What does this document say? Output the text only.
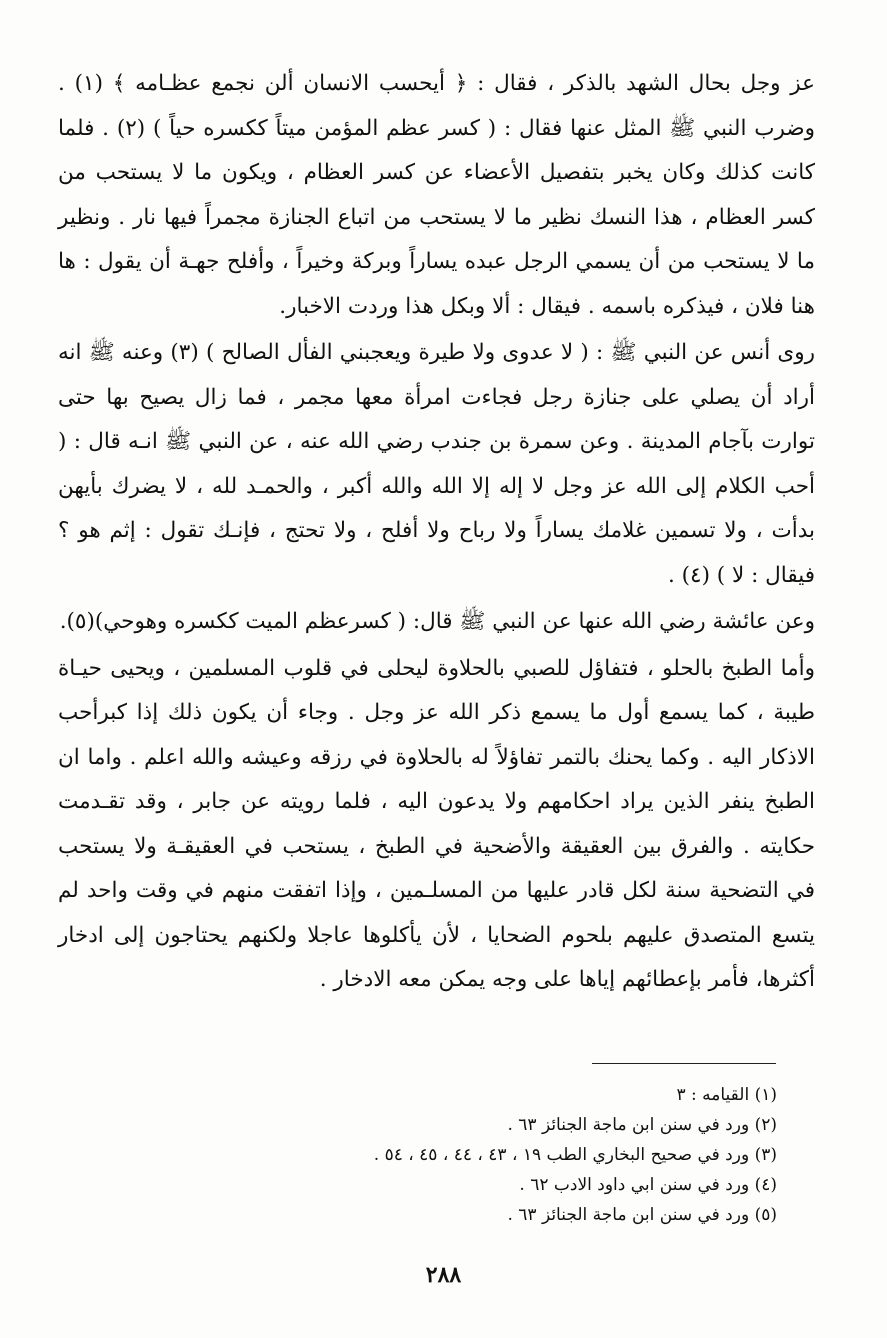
عز وجل بحال الشهد بالذكر ، فقال : ﴿ أيحسب الانسان ألن نجمع عظـامه ﴾ (١) . وضرب النبي ﷺ المثل عنها فقال : ( كسر عظم المؤمن ميتاً ككسره حياً ) (٢) . فلما كانت كذلك وكان يخبر بتفصيل الأعضاء عن كسر العظام ، ويكون ما لا يستحب من كسر العظام ، هذا النسك نظير ما لا يستحب من اتباع الجنازة مجمراً فيها نار . ونظير ما لا يستحب من أن يسمي الرجل عبده يساراً وبركة وخيراً ، وأفلح جهـة أن يقول : ها هنا فلان ، فيذكره باسمه . فيقال : ألا وبكل هذا وردت الاخبار.

روى أنس عن النبي ﷺ : ( لا عدوى ولا طيرة ويعجبني الفأل الصالح ) (٣) وعنه ﷺ انه أراد أن يصلي على جنازة رجل فجاءت امرأة معها مجمر ، فما زال يصيح بها حتى توارت بآجام المدينة . وعن سمرة بن جندب رضي الله عنه ، عن النبي ﷺ انـه قال : ( أحب الكلام إلى الله عز وجل لا إله إلا الله والله أكبر ، والحمـد لله ، لا يضرك بأيهن بدأت ، ولا تسمين غلامك يساراً ولا رباح ولا أفلح ، ولا تحتج ، فإنـك تقول : إثم هو ؟ فيقال : لا ) (٤) .

وعن عائشة رضي الله عنها عن النبي ﷺ قال: ( كسرعظم الميت ككسره وهوحي)(٥).

وأما الطبخ بالحلو ، فتفاؤل للصبي بالحلاوة ليحلى في قلوب المسلمين ، ويحيى حيـاة طيبة ، كما يسمع أول ما يسمع ذكر الله عز وجل . وجاء أن يكون ذلك إذا كبرأحب الاذكار اليه . وكما يحنك بالتمر تفاؤلاً له بالحلاوة في رزقه وعيشه والله اعلم . واما ان الطبخ ينفر الذين يراد احكامهم ولا يدعون اليه ، فلما رويته عن جابر ، وقد تقـدمت حكايته . والفرق بين العقيقة والأضحية في الطبخ ، يستحب في العقيقـة ولا يستحب في التضحية سنة لكل قادر عليها من المسلـمين ، وإذا اتفقت منهم في وقت واحد لم يتسع المتصدق عليهم بلحوم الضحايا ، لأن يأكلوها عاجلا ولكنهم يحتاجون إلى ادخار أكثرها، فأمر بإعطائهم إياها على وجه يمكن معه الادخار .

(١) القيامه : ٣

(٢) ورد في سنن ابن ماجة الجنائز ٦٣ .

(٣) ورد في صحيح البخاري الطب ١٩ ، ٤٣ ، ٤٤ ، ٤٥ ، ٥٤ .

(٤) ورد في سنن ابي داود الادب ٦٢ .

(٥) ورد في سنن ابن ماجة الجنائز ٦٣ .

٢٨٨
